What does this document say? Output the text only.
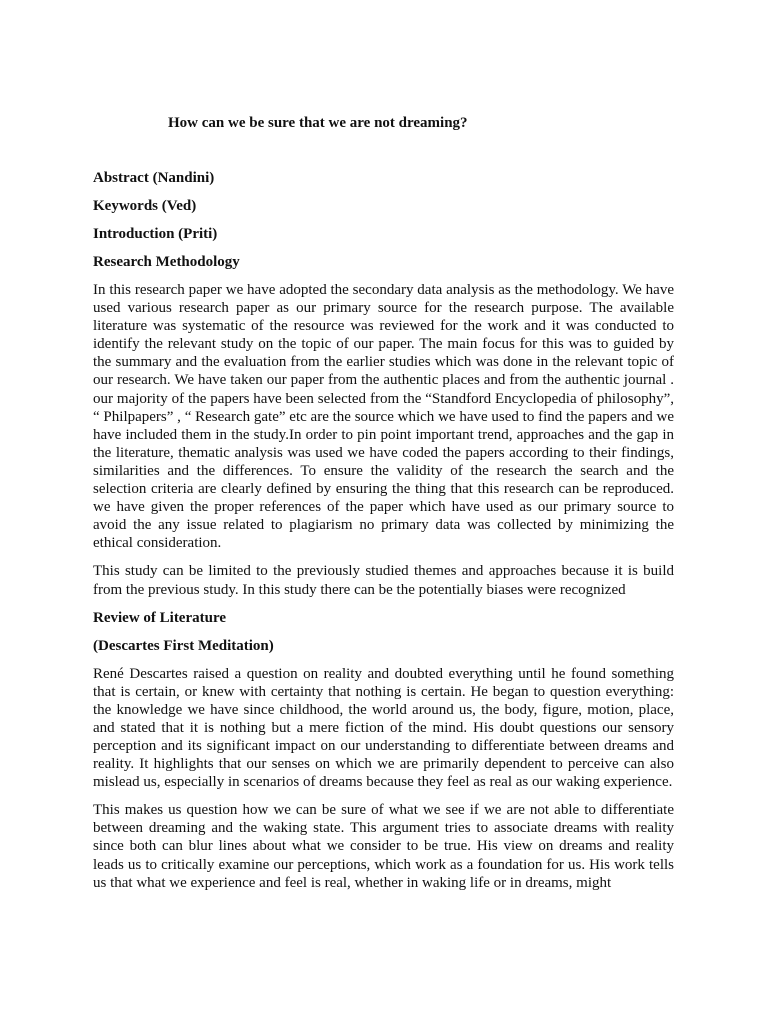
How can we be sure that we are not dreaming?

Abstract (Nandini)

Keywords (Ved)

Introduction (Priti)

Research Methodology

In this research paper we have adopted the secondary data analysis as the methodology. We have used various research paper as our primary source for the research purpose. The available literature was systematic of the resource was reviewed for the work and it was conducted to identify the relevant study on the topic of our paper. The main focus for this was to guided by the summary and the evaluation from the earlier studies which was done in the relevant topic of our research. We have taken our paper from the authentic places and from the authentic journal . our majority of the papers have been selected from the “Standford Encyclopedia of philosophy”, “ Philpapers” , “ Research gate” etc are the source which we have used to find the papers and we have included them in the study.In order to pin point important trend, approaches and the gap in the literature, thematic analysis was used we have coded the papers according to their findings, similarities and the differences. To ensure the validity of the research the search and the selection criteria are clearly defined by ensuring the thing that this research can be reproduced. we have given the proper references of the paper which have used as our primary source to avoid the any issue related to plagiarism no primary data was collected by minimizing the ethical consideration.

This study can be limited to the previously studied themes and approaches because it is build from the previous study. In this study there can be the potentially biases were recognized

Review of Literature

(Descartes First Meditation)

René Descartes raised a question on reality and doubted everything until he found something that is certain, or knew with certainty that nothing is certain. He began to question everything: the knowledge we have since childhood, the world around us, the body, figure, motion, place, and stated that it is nothing but a mere fiction of the mind. His doubt questions our sensory perception and its significant impact on our understanding to differentiate between dreams and reality. It highlights that our senses on which we are primarily dependent to perceive can also mislead us, especially in scenarios of dreams because they feel as real as our waking experience.

This makes us question how we can be sure of what we see if we are not able to differentiate between dreaming and the waking state. This argument tries to associate dreams with reality since both can blur lines about what we consider to be true. His view on dreams and reality leads us to critically examine our perceptions, which work as a foundation for us. His work tells us that what we experience and feel is real, whether in waking life or in dreams, might
